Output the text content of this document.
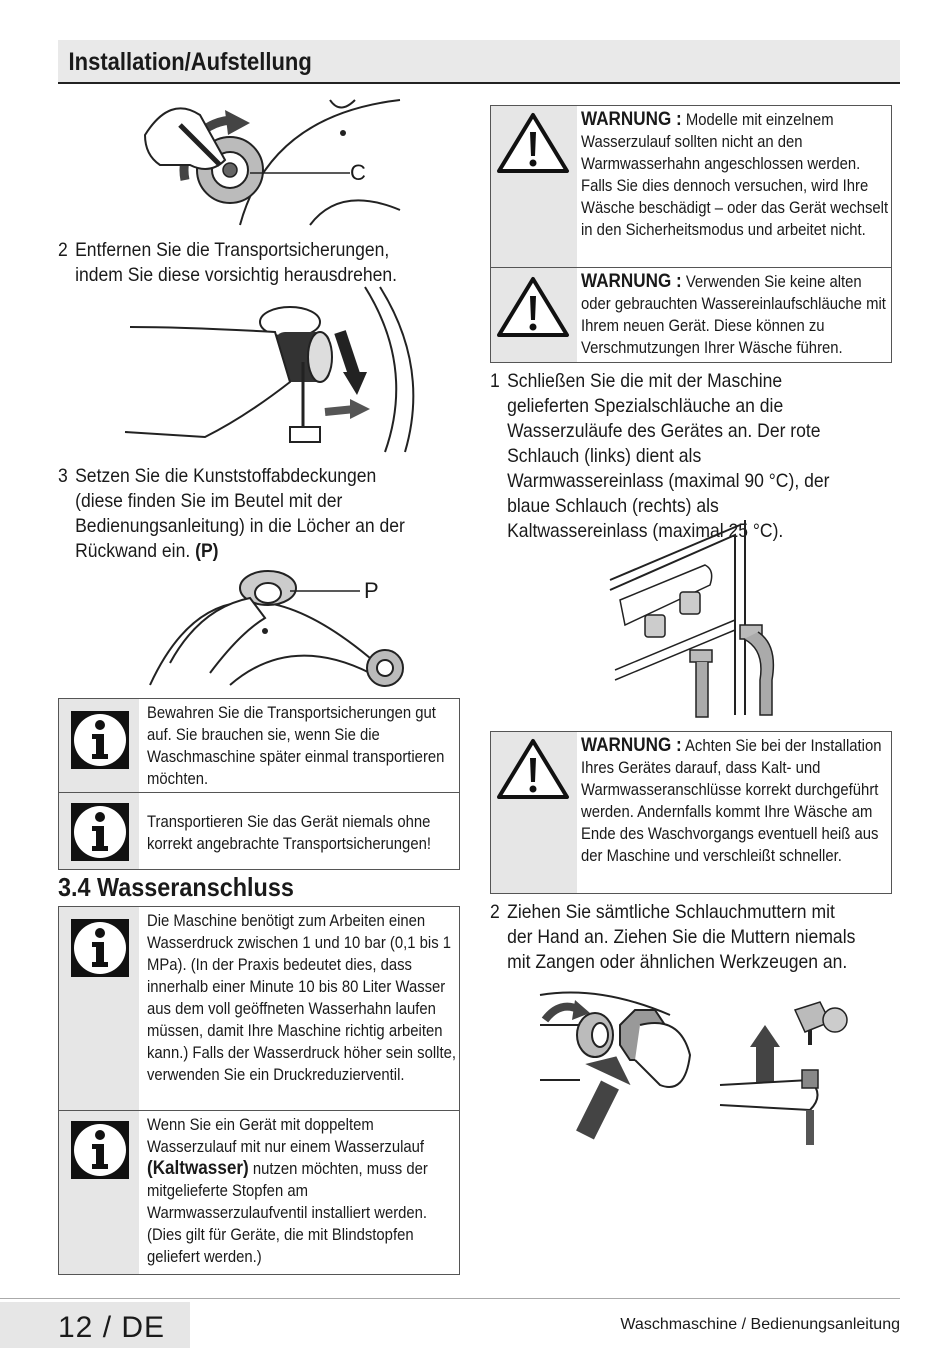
Installation/Aufstellung
C
2 Entfernen Sie die Transportsicherungen, indem Sie diese vorsichtig herausdrehen.
3 Setzen Sie die Kunststoffabdeckungen (diese finden Sie im Beutel mit der Bedienungsanleitung) in die Löcher an der Rückwand ein. (P)
P
Bewahren Sie die Transportsicherungen gut auf. Sie brauchen sie, wenn Sie die Waschmaschine später einmal transportieren möchten.
Transportieren Sie das Gerät niemals ohne korrekt angebrachte Transportsicherungen!
3.4 Wasseranschluss
Die Maschine benötigt zum Arbeiten einen Wasserdruck zwischen 1 und 10 bar (0,1 bis 1 MPa). (In der Praxis bedeutet dies, dass innerhalb einer Minute 10 bis 80 Liter Wasser aus dem voll geöffneten Wasserhahn laufen müssen, damit Ihre Maschine richtig arbeiten kann.) Falls der Wasserdruck höher sein sollte, verwenden Sie ein Druckreduzierventil.
Wenn Sie ein Gerät mit doppeltem Wasserzulauf mit nur einem Wasserzulauf (Kaltwasser) nutzen möchten, muss der mitgelieferte Stopfen am Warmwasserzulaufventil installiert werden. (Dies gilt für Geräte, die mit Blindstopfen geliefert werden.)
WARNUNG : Modelle mit einzelnem Wasserzulauf sollten nicht an den Warmwasserhahn angeschlossen werden. Falls Sie dies dennoch versuchen, wird Ihre Wäsche beschädigt – oder das Gerät wechselt in den Sicherheitsmodus und arbeitet nicht.
WARNUNG : Verwenden Sie keine alten oder gebrauchten Wassereinlaufschläuche mit Ihrem neuen Gerät. Diese können zu Verschmutzungen Ihrer Wäsche führen.
1 Schließen Sie die mit der Maschine gelieferten Spezialschläuche an die Wasserzuläufe des Gerätes an. Der rote Schlauch (links) dient als Warmwassereinlass (maximal 90 °C), der blaue Schlauch (rechts) als Kaltwassereinlass (maximal 25 °C).
WARNUNG : Achten Sie bei der Installation Ihres Gerätes darauf, dass Kalt- und Warmwasseranschlüsse korrekt durchgeführt werden. Andernfalls kommt Ihre Wäsche am Ende des Waschvorgangs eventuell heiß aus der Maschine und verschleißt schneller.
2 Ziehen Sie sämtliche Schlauchmuttern mit der Hand an. Ziehen Sie die Muttern niemals mit Zangen oder ähnlichen Werkzeugen an.
12 / DE	Waschmaschine / Bedienungsanleitung
